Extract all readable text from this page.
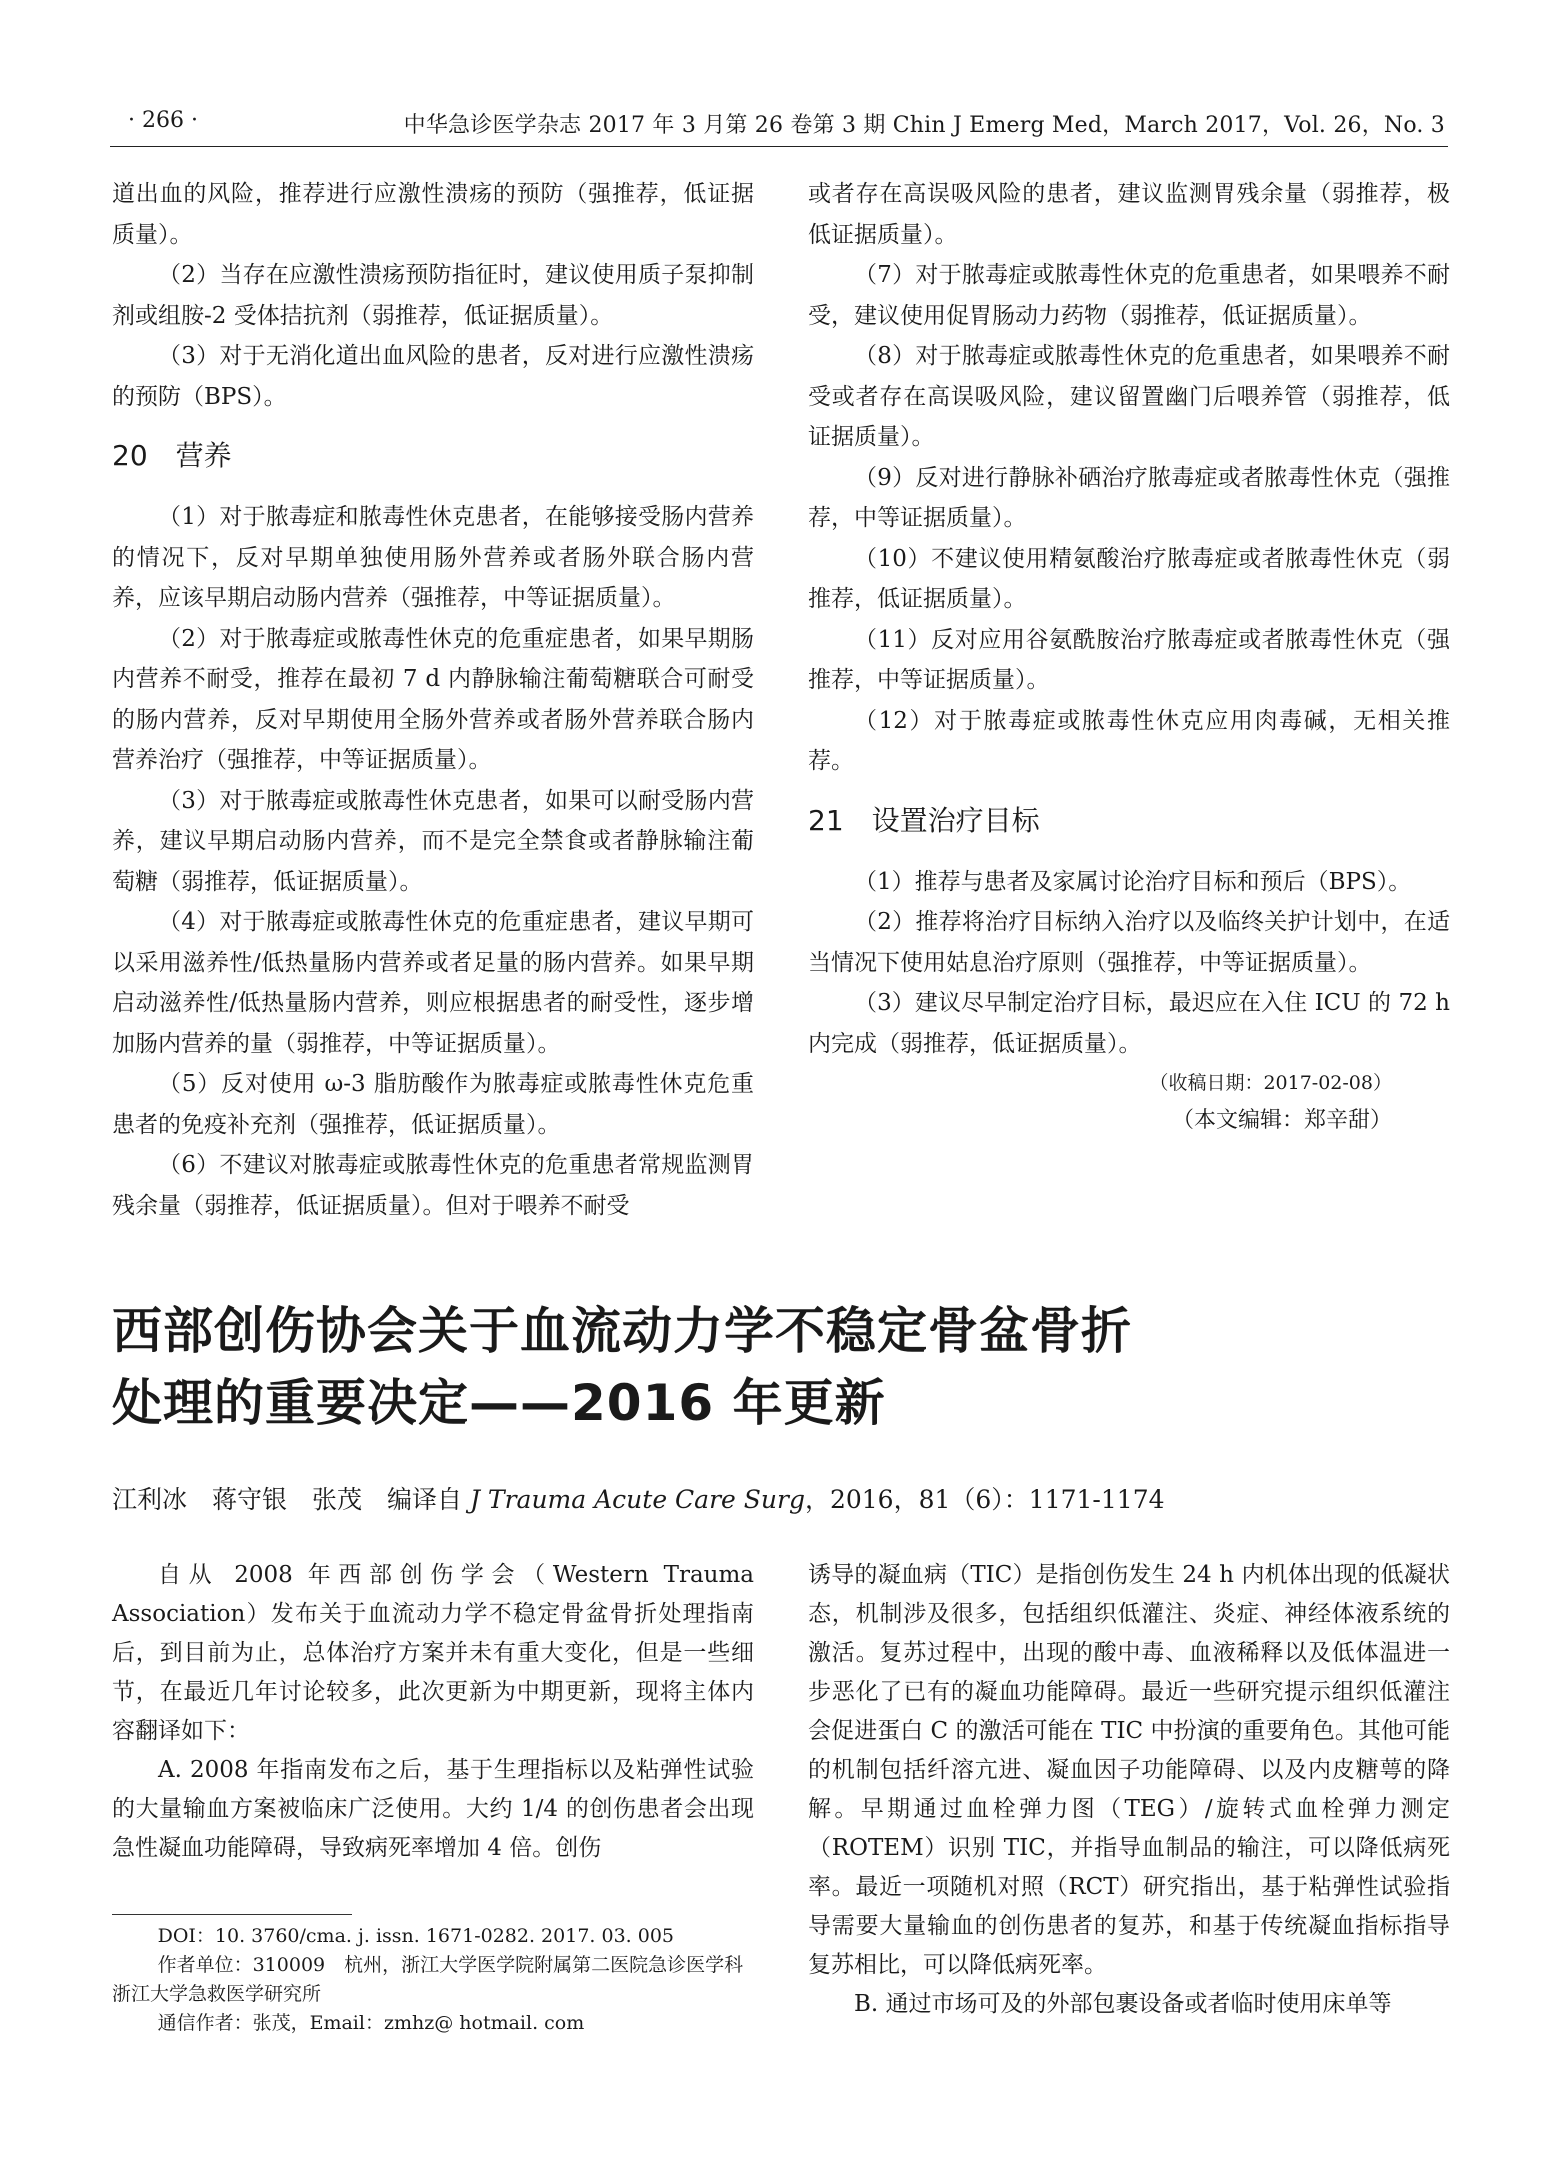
· 266 ·	中华急诊医学杂志 2017 年 3 月第 26 卷第 3 期 Chin J Emerg Med，March 2017，Vol. 26，No. 3

道出血的风险，推荐进行应激性溃疡的预防（强推荐，低证据质量）。

（2）当存在应激性溃疡预防指征时，建议使用质子泵抑制剂或组胺-2 受体拮抗剂（弱推荐，低证据质量）。

（3）对于无消化道出血风险的患者，反对进行应激性溃疡的预防（BPS）。

20 营养

（1）对于脓毒症和脓毒性休克患者，在能够接受肠内营养的情况下，反对早期单独使用肠外营养或者肠外联合肠内营养，应该早期启动肠内营养（强推荐，中等证据质量）。

（2）对于脓毒症或脓毒性休克的危重症患者，如果早期肠内营养不耐受，推荐在最初 7 d 内静脉输注葡萄糖联合可耐受的肠内营养，反对早期使用全肠外营养或者肠外营养联合肠内营养治疗（强推荐，中等证据质量）。

（3）对于脓毒症或脓毒性休克患者，如果可以耐受肠内营养，建议早期启动肠内营养，而不是完全禁食或者静脉输注葡萄糖（弱推荐，低证据质量）。

（4）对于脓毒症或脓毒性休克的危重症患者，建议早期可以采用滋养性/低热量肠内营养或者足量的肠内营养。如果早期启动滋养性/低热量肠内营养，则应根据患者的耐受性，逐步增加肠内营养的量（弱推荐，中等证据质量）。

（5）反对使用 ω-3 脂肪酸作为脓毒症或脓毒性休克危重患者的免疫补充剂（强推荐，低证据质量）。

（6）不建议对脓毒症或脓毒性休克的危重患者常规监测胃残余量（弱推荐，低证据质量）。但对于喂养不耐受

或者存在高误吸风险的患者，建议监测胃残余量（弱推荐，极低证据质量）。

（7）对于脓毒症或脓毒性休克的危重患者，如果喂养不耐受，建议使用促胃肠动力药物（弱推荐，低证据质量）。

（8）对于脓毒症或脓毒性休克的危重患者，如果喂养不耐受或者存在高误吸风险，建议留置幽门后喂养管（弱推荐，低证据质量）。

（9）反对进行静脉补硒治疗脓毒症或者脓毒性休克（强推荐，中等证据质量）。

（10）不建议使用精氨酸治疗脓毒症或者脓毒性休克（弱推荐，低证据质量）。

（11）反对应用谷氨酰胺治疗脓毒症或者脓毒性休克（强推荐，中等证据质量）。

（12）对于脓毒症或脓毒性休克应用肉毒碱，无相关推荐。

21 设置治疗目标

（1）推荐与患者及家属讨论治疗目标和预后（BPS）。

（2）推荐将治疗目标纳入治疗以及临终关护计划中，在适当情况下使用姑息治疗原则（强推荐，中等证据质量）。

（3）建议尽早制定治疗目标，最迟应在入住 ICU 的 72 h 内完成（弱推荐，低证据质量）。

（收稿日期：2017-02-08）

（本文编辑：郑辛甜）

西部创伤协会关于血流动力学不稳定骨盆骨折
处理的重要决定——2016 年更新
江利冰　蒋守银　张茂　编译自 J Trauma Acute Care Surg，2016，81（6）：1171-1174

自从 2008 年西部创伤学会（Western Trauma Association）发布关于血流动力学不稳定骨盆骨折处理指南后，到目前为止，总体治疗方案并未有重大变化，但是一些细节，在最近几年讨论较多，此次更新为中期更新，现将主体内容翻译如下：

A. 2008 年指南发布之后，基于生理指标以及粘弹性试验的大量输血方案被临床广泛使用。大约 1/4 的创伤患者会出现急性凝血功能障碍，导致病死率增加 4 倍。创伤

诱导的凝血病（TIC）是指创伤发生 24 h 内机体出现的低凝状态，机制涉及很多，包括组织低灌注、炎症、神经体液系统的激活。复苏过程中，出现的酸中毒、血液稀释以及低体温进一步恶化了已有的凝血功能障碍。最近一些研究提示组织低灌注会促进蛋白 C 的激活可能在 TIC 中扮演的重要角色。其他可能的机制包括纤溶亢进、凝血因子功能障碍、以及内皮糖萼的降解。早期通过血栓弹力图（TEG）/旋转式血栓弹力测定（ROTEM）识别 TIC，并指导血制品的输注，可以降低病死率。最近一项随机对照（RCT）研究指出，基于粘弹性试验指导需要大量输血的创伤患者的复苏，和基于传统凝血指标指导复苏相比，可以降低病死率。

B. 通过市场可及的外部包裹设备或者临时使用床单等

DOI：10. 3760/cma. j. issn. 1671-0282. 2017. 03. 005

作者单位：310009　杭州，浙江大学医学院附属第二医院急诊医学科 浙江大学急救医学研究所

通信作者：张茂，Email：zmhz@ hotmail. com
